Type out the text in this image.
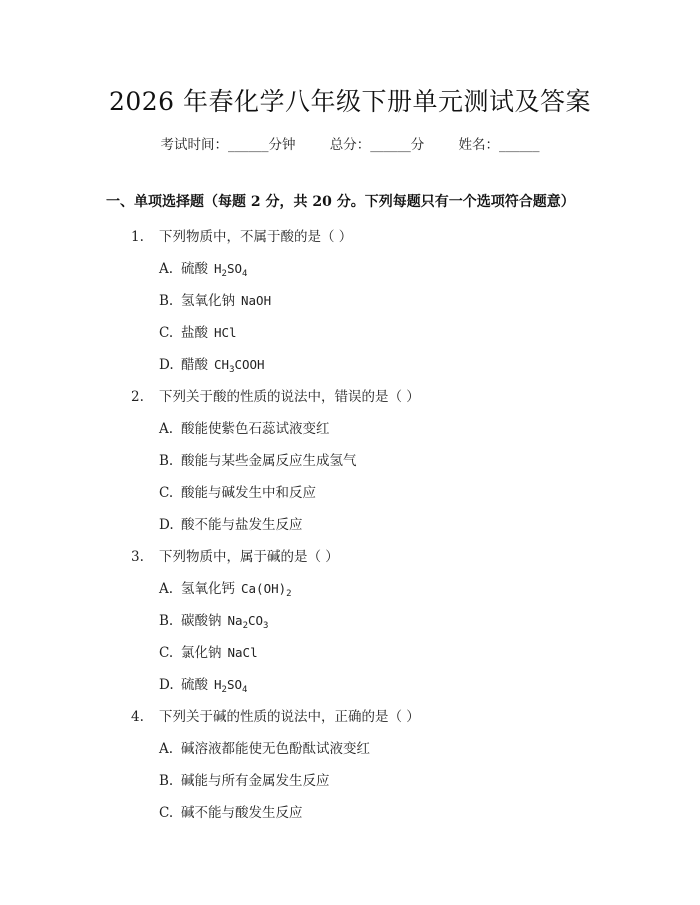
2026 年春化学八年级下册单元测试及答案
考试时间：______分钟	总分：______分	姓名：______
一、单项选择题（每题 2 分，共 20 分。下列每题只有一个选项符合题意）
1. 下列物质中，不属于酸的是（ ）
A. 硫酸 $H_2SO_4$
B. 氢氧化钠 NaOH
C. 盐酸 HCl
D. 醋酸 $CH_3COOH$
2. 下列关于酸的性质的说法中，错误的是（ ）
A. 酸能使紫色石蕊试液变红
B. 酸能与某些金属反应生成氢气
C. 酸能与碱发生中和反应
D. 酸不能与盐发生反应
3. 下列物质中，属于碱的是（ ）
A. 氢氧化钙 $Ca(OH)_2$
B. 碳酸钠 $Na_2CO_3$
C. 氯化钠 NaCl
D. 硫酸 $H_2SO_4$
4. 下列关于碱的性质的说法中，正确的是（ ）
A. 碱溶液都能使无色酚酞试液变红
B. 碱能与所有金属发生反应
C. 碱不能与酸发生反应
